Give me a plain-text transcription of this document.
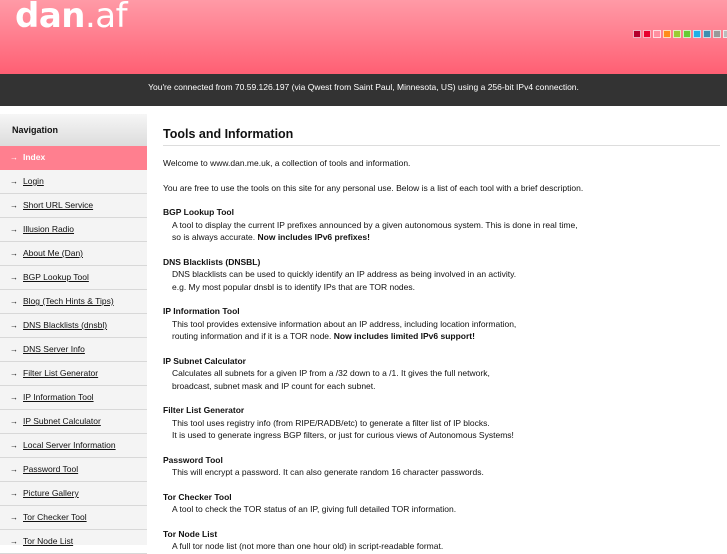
dan.af
You're connected from 70.59.126.197 (via Qwest from Saint Paul, Minnesota, US) using a 256-bit IPv4 connection.
Navigation
→ Index
→ Login
→ Short URL Service
→ Illusion Radio
→ About Me (Dan)
→ BGP Lookup Tool
→ Blog (Tech Hints & Tips)
→ DNS Blacklists (dnsbl)
→ DNS Server Info
→ Filter List Generator
→ IP Information Tool
→ IP Subnet Calculator
→ Local Server Information
→ Password Tool
→ Picture Gallery
→ Tor Checker Tool
→ Tor Node List
Tools and Information
Welcome to www.dan.me.uk, a collection of tools and information.
You are free to use the tools on this site for any personal use. Below is a list of each tool with a brief description.
BGP Lookup Tool
A tool to display the current IP prefixes announced by a given autonomous system. This is done in real time,
so is always accurate. Now includes IPv6 prefixes!
DNS Blacklists (DNSBL)
DNS blacklists can be used to quickly identify an IP address as being involved in an activity.
e.g. My most popular dnsbl is to identify IPs that are TOR nodes.
IP Information Tool
This tool provides extensive information about an IP address, including location information,
routing information and if it is a TOR node. Now includes limited IPv6 support!
IP Subnet Calculator
Calculates all subnets for a given IP from a /32 down to a /1. It gives the full network,
broadcast, subnet mask and IP count for each subnet.
Filter List Generator
This tool uses registry info (from RIPE/RADB/etc) to generate a filter list of IP blocks.
It is used to generate ingress BGP filters, or just for curious views of Autonomous Systems!
Password Tool
This will encrypt a password. It can also generate random 16 character passwords.
Tor Checker Tool
A tool to check the TOR status of an IP, giving full detailed TOR information.
Tor Node List
A full tor node list (not more than one hour old) in script-readable format.
